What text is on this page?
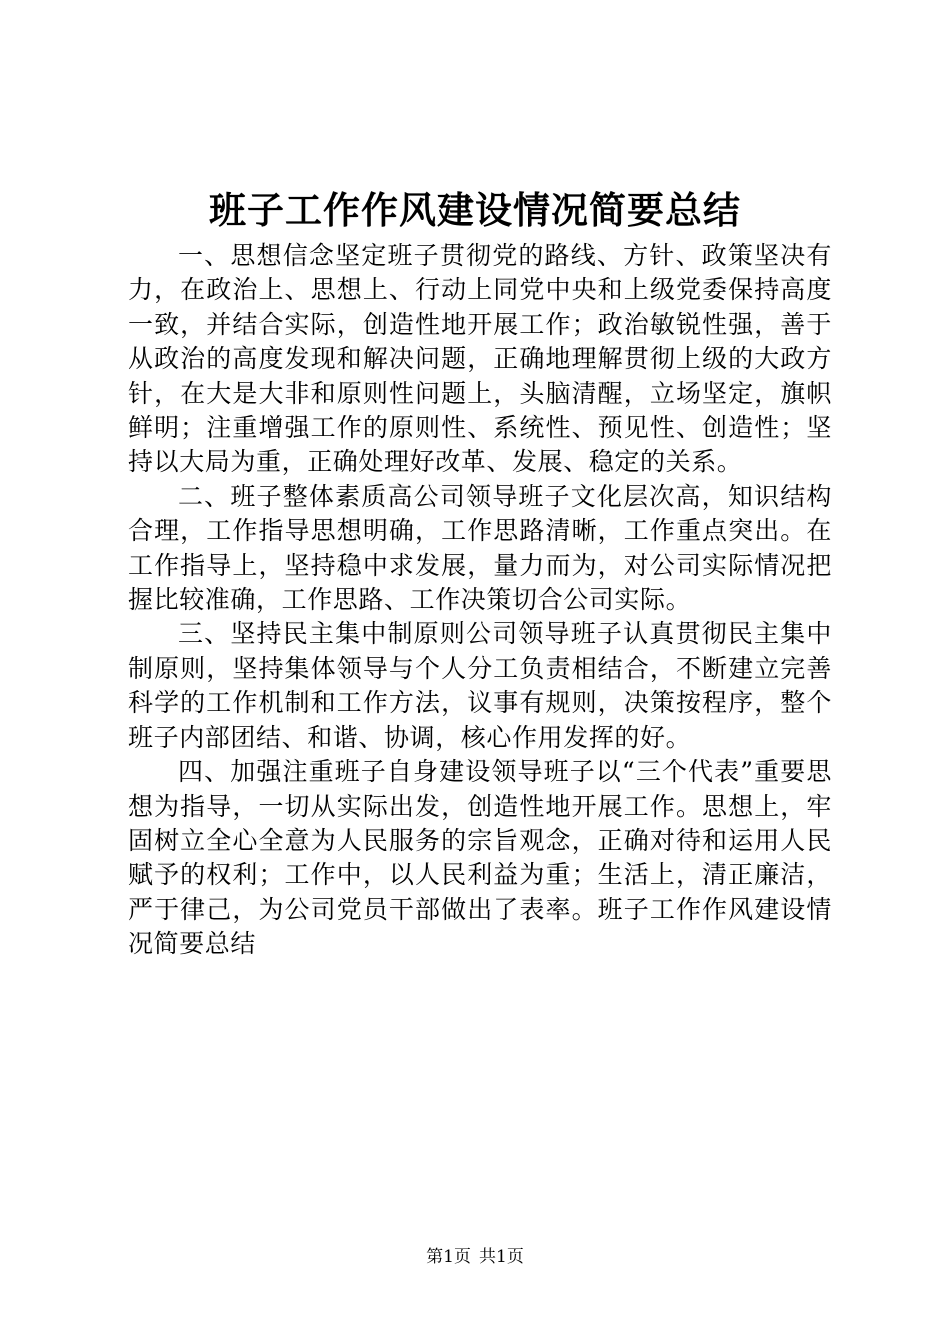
班子工作作风建设情况简要总结

一、思想信念坚定班子贯彻党的路线、方针、政策坚决有力，在政治上、思想上、行动上同党中央和上级党委保持高度一致，并结合实际，创造性地开展工作；政治敏锐性强，善于从政治的高度发现和解决问题，正确地理解贯彻上级的大政方针，在大是大非和原则性问题上，头脑清醒，立场坚定，旗帜鲜明；注重增强工作的原则性、系统性、预见性、创造性；坚持以大局为重，正确处理好改革、发展、稳定的关系。

二、班子整体素质高公司领导班子文化层次高，知识结构合理，工作指导思想明确，工作思路清晰，工作重点突出。在工作指导上，坚持稳中求发展，量力而为，对公司实际情况把握比较准确，工作思路、工作决策切合公司实际。

三、坚持民主集中制原则公司领导班子认真贯彻民主集中制原则，坚持集体领导与个人分工负责相结合，不断建立完善科学的工作机制和工作方法，议事有规则，决策按程序，整个班子内部团结、和谐、协调，核心作用发挥的好。

四、加强注重班子自身建设领导班子以“三个代表”重要思想为指导，一切从实际出发，创造性地开展工作。思想上，牢固树立全心全意为人民服务的宗旨观念，正确对待和运用人民赋予的权利；工作中，以人民利益为重；生活上，清正廉洁，严于律己，为公司党员干部做出了表率。班子工作作风建设情况简要总结

第1页 共1页
